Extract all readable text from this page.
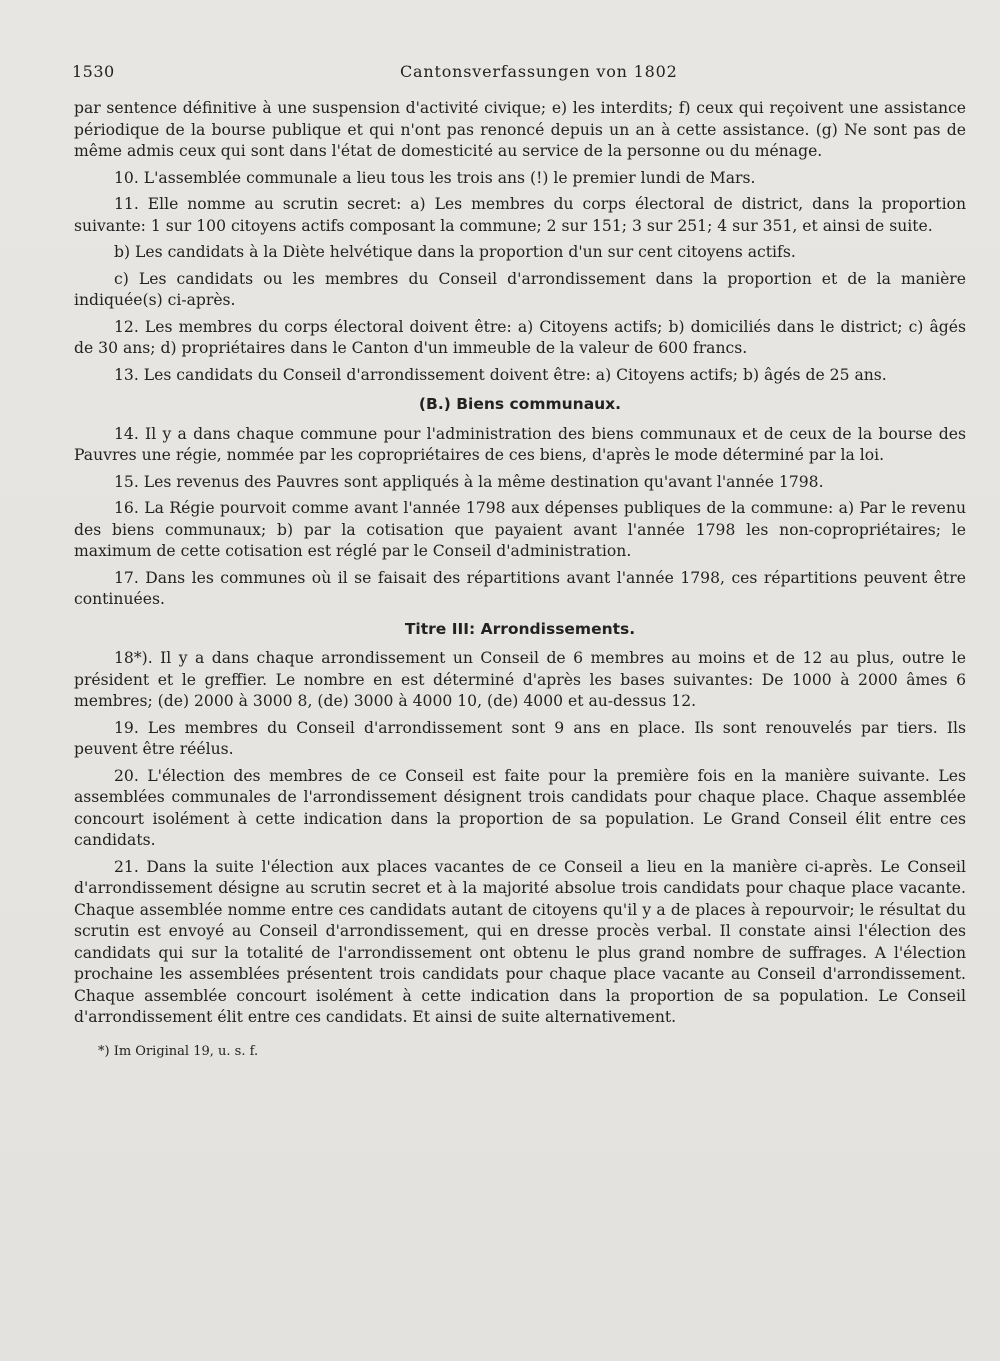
1530	Cantonsverfassungen von 1802

par sentence définitive à une suspension d'activité civique; e) les interdits; f) ceux qui reçoivent une assistance périodique de la bourse publique et qui n'ont pas renoncé depuis un an à cette assistance. (g) Ne sont pas de même admis ceux qui sont dans l'état de domesticité au service de la personne ou du ménage.

10. L'assemblée communale a lieu tous les trois ans (!) le premier lundi de Mars.

11. Elle nomme au scrutin secret: a) Les membres du corps électoral de district, dans la proportion suivante: 1 sur 100 citoyens actifs composant la commune; 2 sur 151; 3 sur 251; 4 sur 351, et ainsi de suite.

b) Les candidats à la Diète helvétique dans la proportion d'un sur cent citoyens actifs.

c) Les candidats ou les membres du Conseil d'arrondissement dans la proportion et de la manière indiquée(s) ci-après.

12. Les membres du corps électoral doivent être: a) Citoyens actifs; b) domiciliés dans le district; c) âgés de 30 ans; d) propriétaires dans le Canton d'un immeuble de la valeur de 600 francs.

13. Les candidats du Conseil d'arrondissement doivent être: a) Citoyens actifs; b) âgés de 25 ans.

(B.) Biens communaux.

14. Il y a dans chaque commune pour l'administration des biens communaux et de ceux de la bourse des Pauvres une régie, nommée par les copropriétaires de ces biens, d'après le mode déterminé par la loi.

15. Les revenus des Pauvres sont appliqués à la même destination qu'avant l'année 1798.

16. La Régie pourvoit comme avant l'année 1798 aux dépenses publiques de la commune: a) Par le revenu des biens communaux; b) par la cotisation que payaient avant l'année 1798 les non-copropriétaires; le maximum de cette cotisation est réglé par le Conseil d'administration.

17. Dans les communes où il se faisait des répartitions avant l'année 1798, ces répartitions peuvent être continuées.

Titre III: Arrondissements.

18*). Il y a dans chaque arrondissement un Conseil de 6 membres au moins et de 12 au plus, outre le président et le greffier. Le nombre en est déterminé d'après les bases suivantes: De 1000 à 2000 âmes 6 membres; (de) 2000 à 3000 8, (de) 3000 à 4000 10, (de) 4000 et au-dessus 12.

19. Les membres du Conseil d'arrondissement sont 9 ans en place. Ils sont renouvelés par tiers. Ils peuvent être réélus.

20. L'élection des membres de ce Conseil est faite pour la première fois en la manière suivante. Les assemblées communales de l'arrondissement désignent trois candidats pour chaque place. Chaque assemblée concourt isolément à cette indication dans la proportion de sa population. Le Grand Conseil élit entre ces candidats.

21. Dans la suite l'élection aux places vacantes de ce Conseil a lieu en la manière ci-après. Le Conseil d'arrondissement désigne au scrutin secret et à la majorité absolue trois candidats pour chaque place vacante. Chaque assemblée nomme entre ces candidats autant de citoyens qu'il y a de places à repourvoir; le résultat du scrutin est envoyé au Conseil d'arrondissement, qui en dresse procès verbal. Il constate ainsi l'élection des candidats qui sur la totalité de l'arrondissement ont obtenu le plus grand nombre de suffrages. A l'élection prochaine les assemblées présentent trois candidats pour chaque place vacante au Conseil d'arrondissement. Chaque assemblée concourt isolément à cette indication dans la proportion de sa population. Le Conseil d'arrondissement élit entre ces candidats. Et ainsi de suite alternativement.

*) Im Original 19, u. s. f.
